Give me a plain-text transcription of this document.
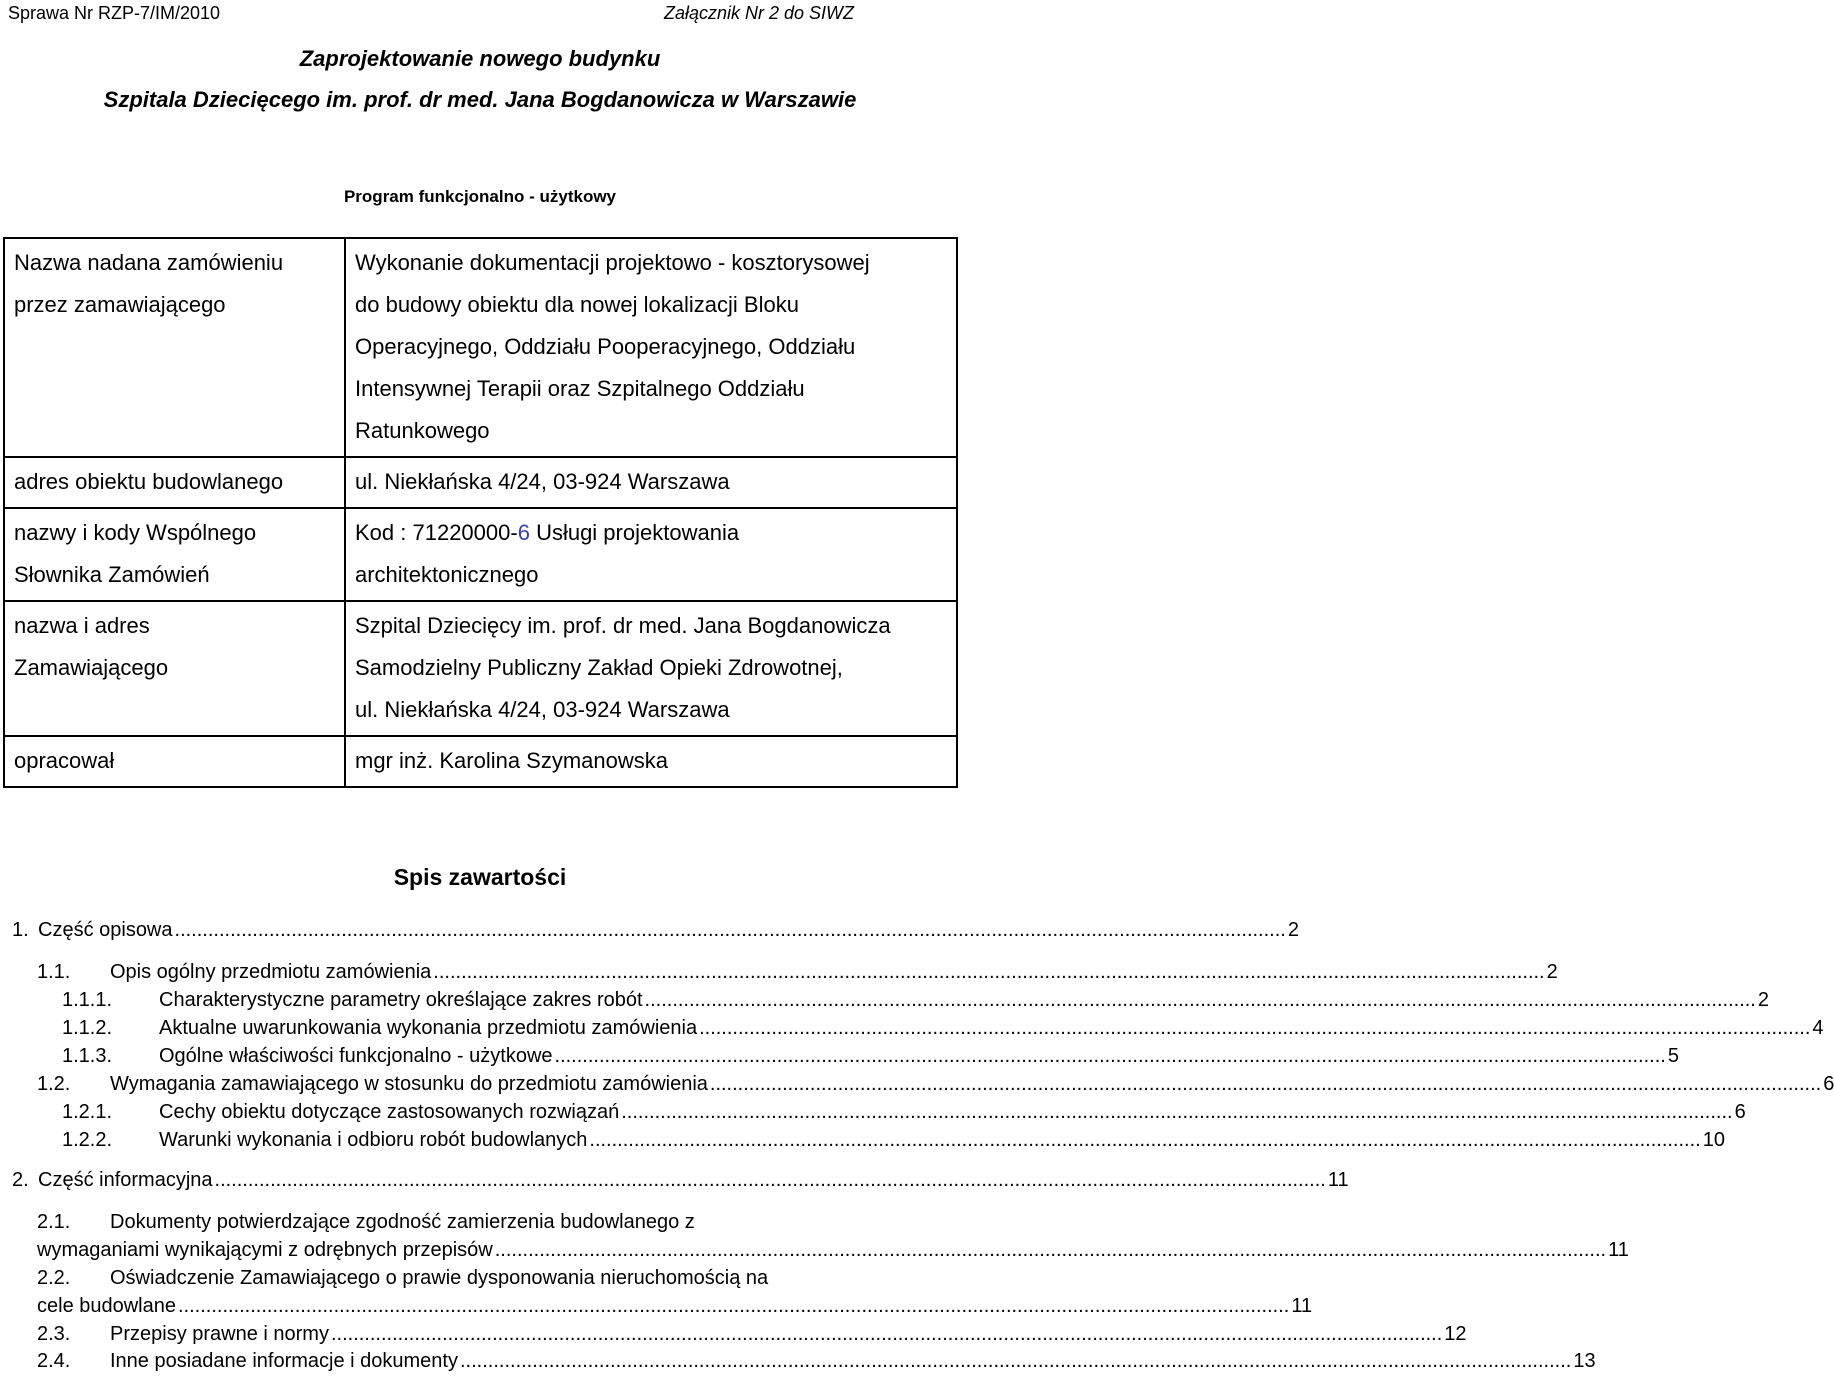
Sprawa Nr RZP-7/IM/2010	Załącznik Nr 2 do SIWZ
Zaprojektowanie nowego budynku
Szpitala Dziecięcego im. prof. dr med. Jana Bogdanowicza w Warszawie
Program funkcjonalno - użytkowy
Nazwa nadana zamówieniu
przez zamawiającego	Wykonanie dokumentacji projektowo - kosztorysowej
do budowy obiektu dla nowej lokalizacji Bloku
Operacyjnego, Oddziału Pooperacyjnego, Oddziału
Intensywnej Terapii oraz Szpitalnego Oddziału
Ratunkowego

adres obiektu budowlanego	ul. Niekłańska 4/24, 03-924 Warszawa

nazwy i kody Wspólnego
Słownika Zamówień	Kod : 71220000-6 Usługi projektowania
architektonicznego

nazwa i adres
Zamawiającego	Szpital Dziecięcy im. prof. dr med. Jana Bogdanowicza
Samodzielny Publiczny Zakład Opieki Zdrowotnej,
ul. Niekłańska 4/24, 03-924 Warszawa

opracował	mgr inż. Karolina Szymanowska
Spis zawartości
1. Część opisowa .....	2
1.1.	Opis ogólny przedmiotu zamówienia .....	2
1.1.1.	Charakterystyczne parametry określające zakres robót .....	2
1.1.2.	Aktualne uwarunkowania wykonania przedmiotu zamówienia .....	4
1.1.3.	Ogólne właściwości funkcjonalno - użytkowe .....	5
1.2.	Wymagania zamawiającego w stosunku do przedmiotu zamówienia .....	6
1.2.1.	Cechy obiektu dotyczące zastosowanych rozwiązań .....	6
1.2.2.	Warunki wykonania i odbioru robót budowlanych .....	10
2. Część informacyjna .....	11
2.1. Dokumenty potwierdzające zgodność zamierzenia budowlanego z
wymaganiami wynikającymi z odrębnych przepisów .....	11
2.2. Oświadczenie Zamawiającego o prawie dysponowania nieruchomością na
cele budowlane .....	11
2.3.	Przepisy prawne i normy .....	12
2.4.	Inne posiadane informacje i dokumenty .....	13
